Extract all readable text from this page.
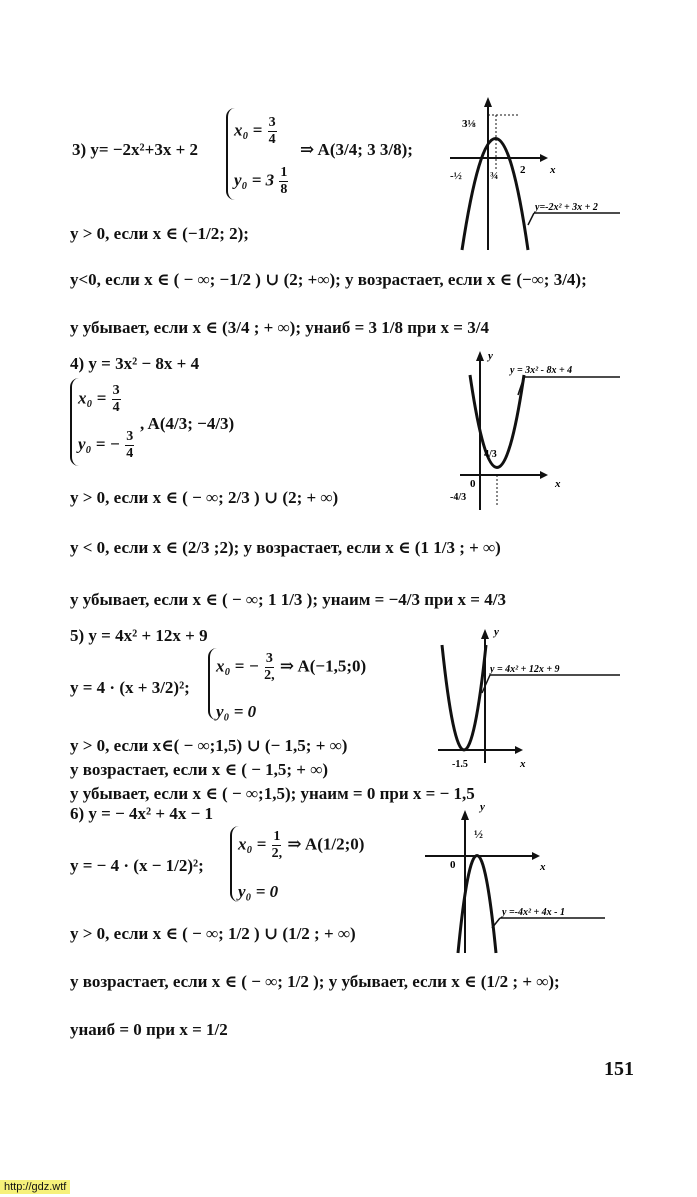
3) y= −2x²+3x + 2
$x_0 = \frac{3}{4}$
$y_0 = 3 \frac{1}{8}$
⇒ A(3/4; 3 3/8);
3⅛
-½	¾ 2 x
y=-2x² + 3x + 2
y > 0, если x ∈ (−1/2; 2);
y<0, если x ∈ ( − ∞; −1/2 ) ∪ (2; +∞); y возрастает, если x ∈ (−∞; 3/4);
y убывает, если x ∈ (3/4 ; + ∞); yнаиб = 3 1/8 при x = 3/4
4) y = 3x² − 8x + 4
$x_0 = \frac{3}{4}$
y₀ = − $\frac{3}{4}$
, A(4/3; −4/3)
y
x
0
4/3
-4/3
y = 3x² - 8x + 4
y > 0, если x ∈ ( − ∞; 2/3 ) ∪ (2; + ∞)
y < 0, если x ∈ (2/3 ;2); y возрастает, если x ∈ (1 1/3 ; + ∞)
y убывает, если x ∈ ( − ∞; 1 1/3 ); yнаим = −4/3 при x = 4/3
5) y = 4x² + 12x + 9
y = 4 · (x + 3/2)²;
x₀ = − $\frac{3}{2,}$ ⇒ A(−1,5;0)
y₀ = 0
y
x
-1.5
y = 4x² + 12x + 9
y > 0, если x∈( − ∞;1,5) ∪ (− 1,5; + ∞)
y возрастает, если x ∈ ( − 1,5; + ∞)
y убывает, если x ∈ ( − ∞;1,5); yнаим = 0 при x = − 1,5
6) y = − 4x² + 4x − 1
y = − 4 · (x − 1/2)²;
$x_0 = \frac{1}{2,}$ ⇒ A(1/2;0)
y₀ = 0
y
x
0
½
y =-4x² + 4x - 1
y > 0, если x ∈ ( − ∞; 1/2 ) ∪ (1/2 ; + ∞)
y возрастает, если x ∈ ( − ∞; 1/2 ); y убывает, если x ∈ (1/2 ; + ∞);
yнаиб = 0 при x = 1/2
151
http://gdz.wtf
